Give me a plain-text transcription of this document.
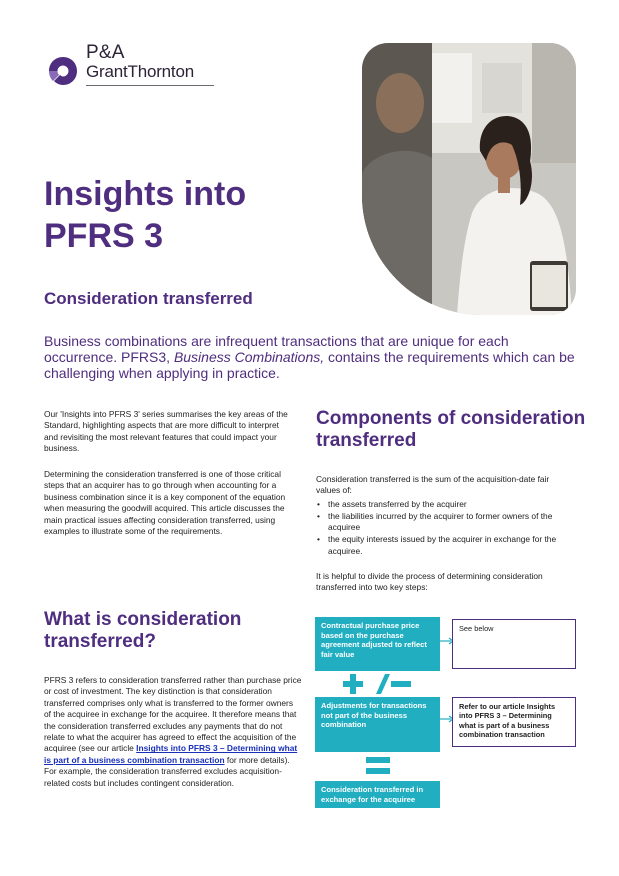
P&A
GrantThornton
Insights into
PFRS 3
Consideration transferred

Business combinations are infrequent transactions that are unique for each occurrence. PFRS3, Business Combinations, contains the requirements which can be challenging when applying in practice.

Our 'Insights into PFRS 3' series summarises the key areas of the Standard, highlighting aspects that are more difficult to interpret and revisiting the most relevant features that could impact your business.

Determining the consideration transferred is one of those critical steps that an acquirer has to go through when accounting for a business combination since it is a key component of the equation when measuring the goodwill acquired. This article discusses the main practical issues affecting consideration transferred, using examples to illustrate some of the requirements.

What is consideration transferred?

PFRS 3 refers to consideration transferred rather than purchase price or cost of investment. The key distinction is that consideration transferred comprises only what is transferred to the former owners of the acquiree in exchange for the acquiree. It therefore means that the consideration transferred excludes any payments that do not relate to what the acquirer has agreed to effect the acquisition of the acquiree (see our article Insights into PFRS 3 – Determining what is part of a business combination transaction for more details). For example, the consideration transferred excludes acquisition-related costs but includes contingent consideration.

Components of consideration transferred

Consideration transferred is the sum of the acquisition-date fair values of:

• the assets transferred by the acquirer
• the liabilities incurred by the acquirer to former owners of the acquiree
• the equity interests issued by the acquirer in exchange for the acquiree.

It is helpful to divide the process of determining consideration transferred into two key steps:

Contractual purchase price based on the purchase agreement adjusted to reflect fair value
See below
Adjustments for transactions not part of the business combination
Refer to our article Insights into PFRS 3 – Determining what is part of a business combination transaction
Consideration transferred in exchange for the acquiree
